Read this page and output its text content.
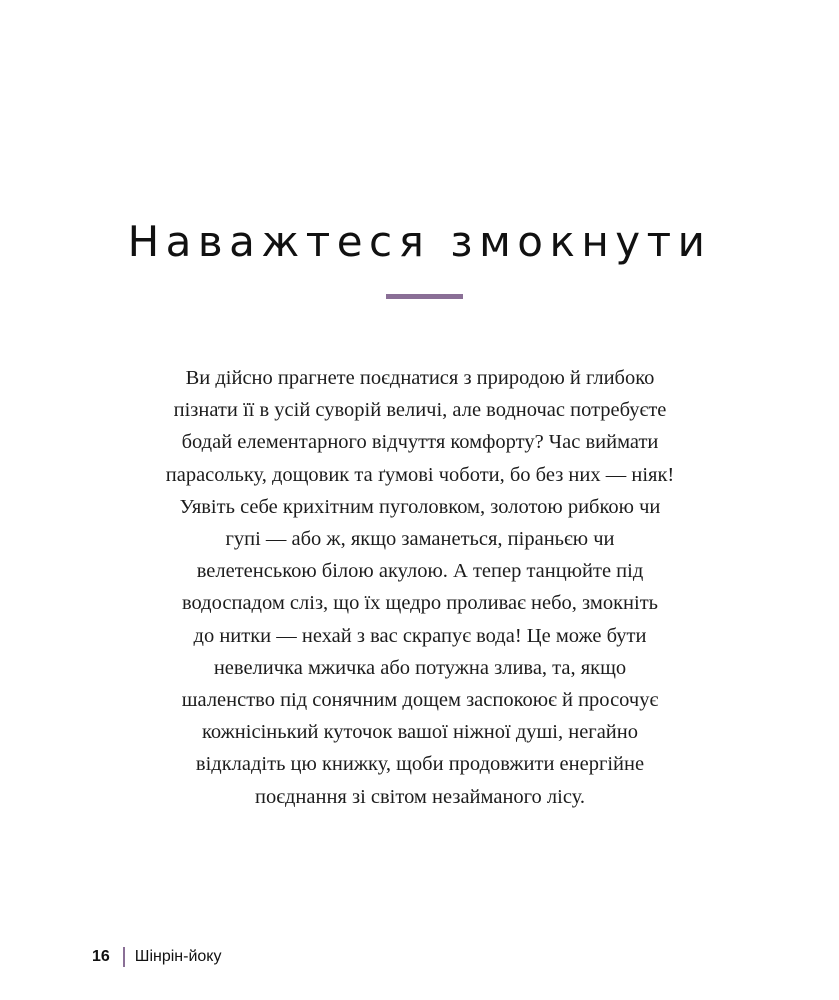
Наважтеся змокнути

Ви дійсно прагнете поєднатися з природою й глибоко
пізнати її в усій суворій величі, але водночас потребуєте
бодай елементарного відчуття комфорту? Час виймати
парасольку, дощовик та ґумові чоботи, бо без них — ніяк!
Уявіть себе крихітним пуголовком, золотою рибкою чи
гупі — або ж, якщо заманеться, піраньєю чи
велетенською білою акулою. А тепер танцюйте під
водоспадом сліз, що їх щедро проливає небо, змокніть
до нитки — нехай з вас скрапує вода! Це може бути
невеличка мжичка або потужна злива, та, якщо
шаленство під сонячним дощем заспокоює й просочує
кожнісінький куточок вашої ніжної душі, негайно
відкладіть цю книжку, щоби продовжити енергійне
поєднання зі світом незайманого лісу.

16 Шінрін-йоку
